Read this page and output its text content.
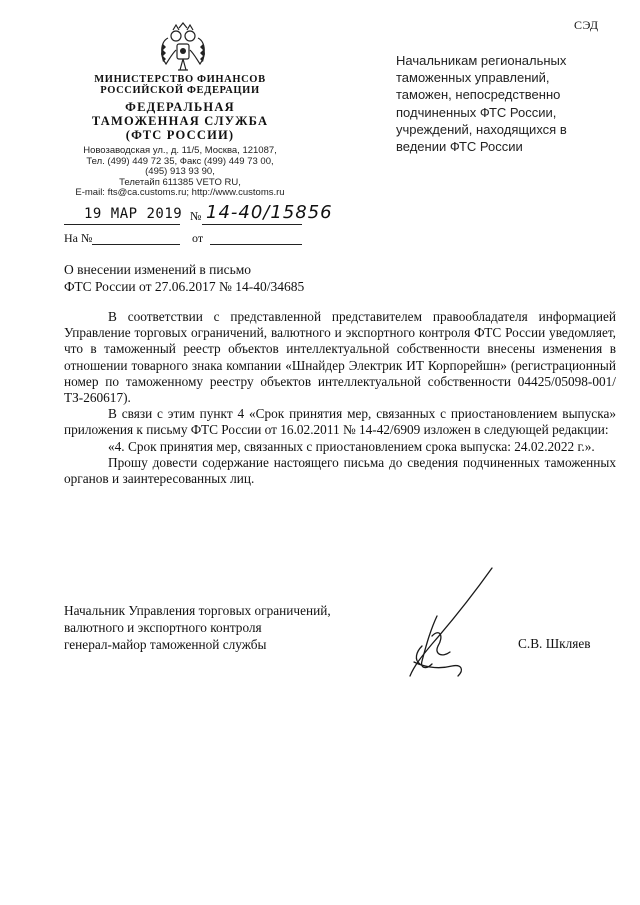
СЭД
МИНИСТЕРСТВО ФИНАНСОВ
РОССИЙСКОЙ ФЕДЕРАЦИИ
ФЕДЕРАЛЬНАЯ
ТАМОЖЕННАЯ СЛУЖБА
(ФТС РОССИИ)
Новозаводская ул., д. 11/5, Москва, 121087,
Тел. (499) 449 72 35, Факс (499) 449 73 00,
(495) 913 93 90,
Телетайп 611385 VETO RU,
E-mail: fts@ca.customs.ru; http://www.customs.ru
19 МАР 2019 № 14-40/15856
На №	от
Начальникам региональных
таможенных управлений,
таможен, непосредственно
подчиненных ФТС России,
учреждений, находящихся в
ведении ФТС России
О внесении изменений в письмо
ФТС России от 27.06.2017 № 14-40/34685

В соответствии с представленной представителем правообладателя информацией Управление торговых ограничений, валютного и экспортного контроля ФТС России уведомляет, что в таможенный реестр объектов интеллектуальной собственности внесены изменения в отношении товарного знака компании «Шнайдер Электрик ИТ Корпорейшн» (регистрационный номер по таможенному реестру объектов интеллектуальной собственности 04425/05098-001/ТЗ-260617).

В связи с этим пункт 4 «Срок принятия мер, связанных с приостановлением выпуска» приложения к письму ФТС России от 16.02.2011 № 14-42/6909 изложен в следующей редакции:

«4. Срок принятия мер, связанных с приостановлением срока выпуска: 24.02.2022 г.».

Прошу довести содержание настоящего письма до сведения подчиненных таможенных органов и заинтересованных лиц.

Начальник Управления торговых ограничений,
валютного и экспортного контроля
генерал-майор таможенной службы	С.В. Шкляев
